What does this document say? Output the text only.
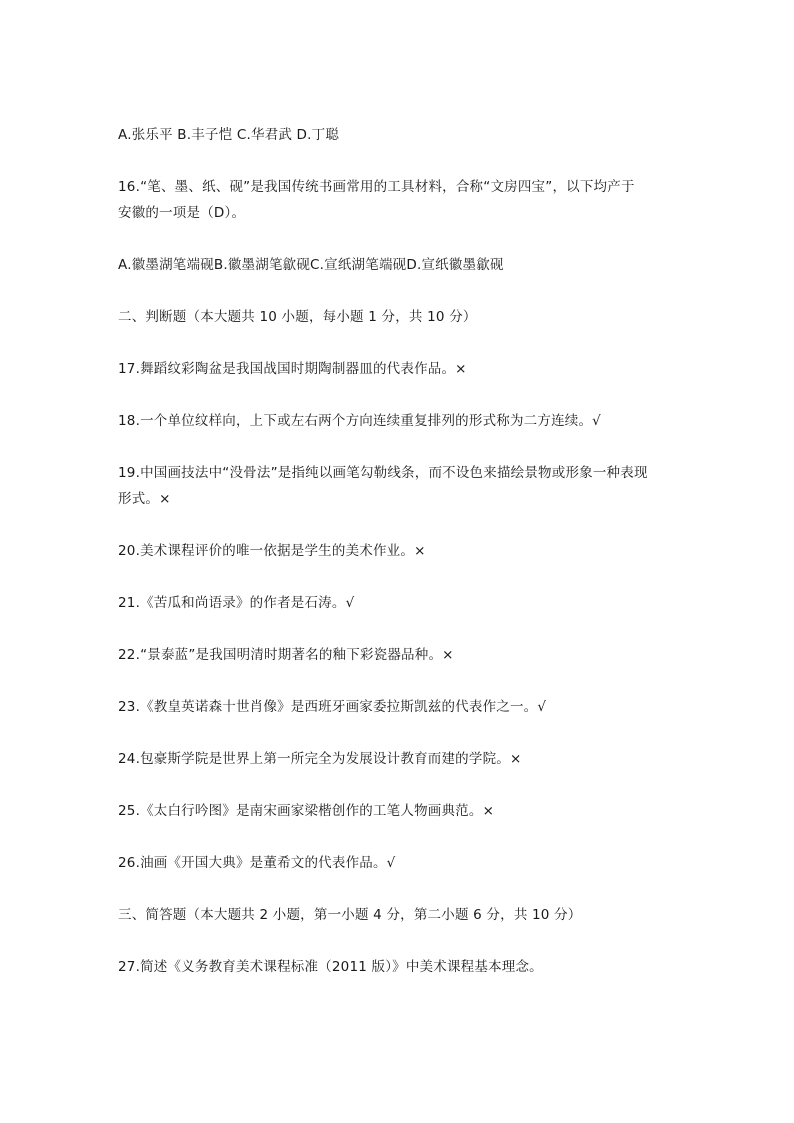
A.张乐平 B.丰子恺 C.华君武 D.丁聪
16.“笔、墨、纸、砚”是我国传统书画常用的工具材料，合称“文房四宝”，以下均产于
安徽的一项是（D）。
A.徽墨湖笔端砚B.徽墨湖笔歙砚C.宣纸湖笔端砚D.宣纸徽墨歙砚
二、判断题（本大题共 10 小题，每小题 1 分，共 10 分）
17.舞蹈纹彩陶盆是我国战国时期陶制器皿的代表作品。×
18.一个单位纹样向，上下或左右两个方向连续重复排列的形式称为二方连续。√
19.中国画技法中“没骨法”是指纯以画笔勾勒线条，而不设色来描绘景物或形象一种表现
形式。×
20.美术课程评价的唯一依据是学生的美术作业。×
21.《苦瓜和尚语录》的作者是石涛。√
22.“景泰蓝”是我国明清时期著名的釉下彩瓷器品种。×
23.《教皇英诺森十世肖像》是西班牙画家委拉斯凯兹的代表作之一。√
24.包豪斯学院是世界上第一所完全为发展设计教育而建的学院。×
25.《太白行吟图》是南宋画家梁楷创作的工笔人物画典范。×
26.油画《开国大典》是董希文的代表作品。√
三、简答题（本大题共 2 小题，第一小题 4 分，第二小题 6 分，共 10 分）
27.简述《义务教育美术课程标准（2011 版）》中美术课程基本理念。
